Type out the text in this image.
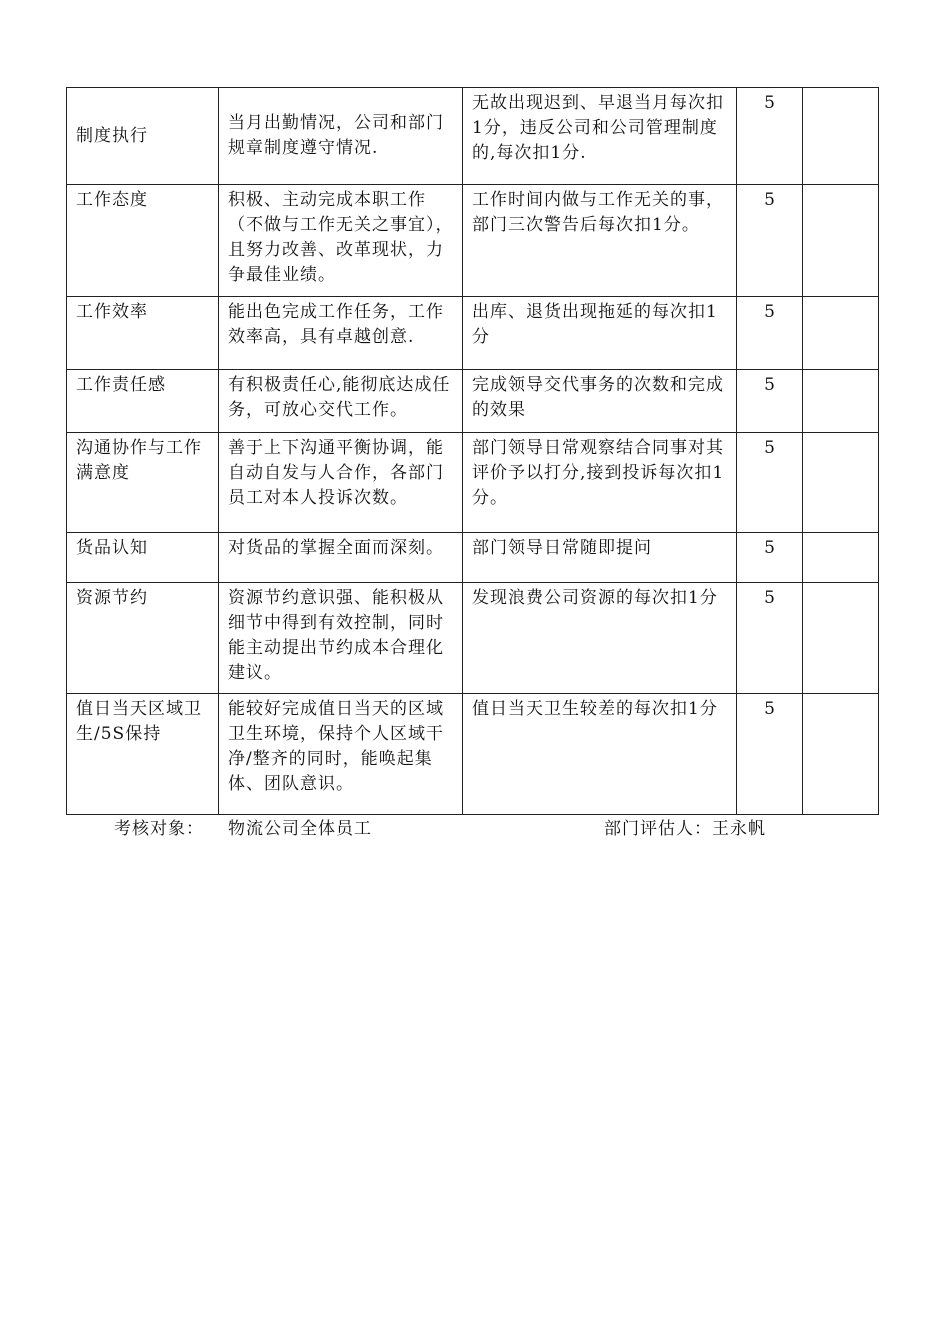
制度执行	当月出勤情况，公司和部门规章制度遵守情况.	无故出现迟到、早退当月每次扣1分，违反公司和公司管理制度的,每次扣1分.	5	
工作态度	积极、主动完成本职工作（不做与工作无关之事宜），且努力改善、改革现状，力争最佳业绩。	工作时间内做与工作无关的事，部门三次警告后每次扣1分。	5	
工作效率	能出色完成工作任务，工作效率高，具有卓越创意.	出库、退货出现拖延的每次扣1分	5	
工作责任感	有积极责任心,能彻底达成任务，可放心交代工作。	完成领导交代事务的次数和完成的效果	5	
沟通协作与工作满意度	善于上下沟通平衡协调，能自动自发与人合作，各部门员工对本人投诉次数。	部门领导日常观察结合同事对其评价予以打分,接到投诉每次扣1分。	5	
货品认知	对货品的掌握全面而深刻。	部门领导日常随即提问	5	
资源节约	资源节约意识强、能积极从细节中得到有效控制，同时能主动提出节约成本合理化建议。	发现浪费公司资源的每次扣1分	5	
值日当天区域卫生/5S保持	能较好完成值日当天的区域卫生环境，保持个人区域干净/整齐的同时，能唤起集体、团队意识。	值日当天卫生较差的每次扣1分	5	
考核对象： 物流公司全体员工	部门评估人：王永帆
